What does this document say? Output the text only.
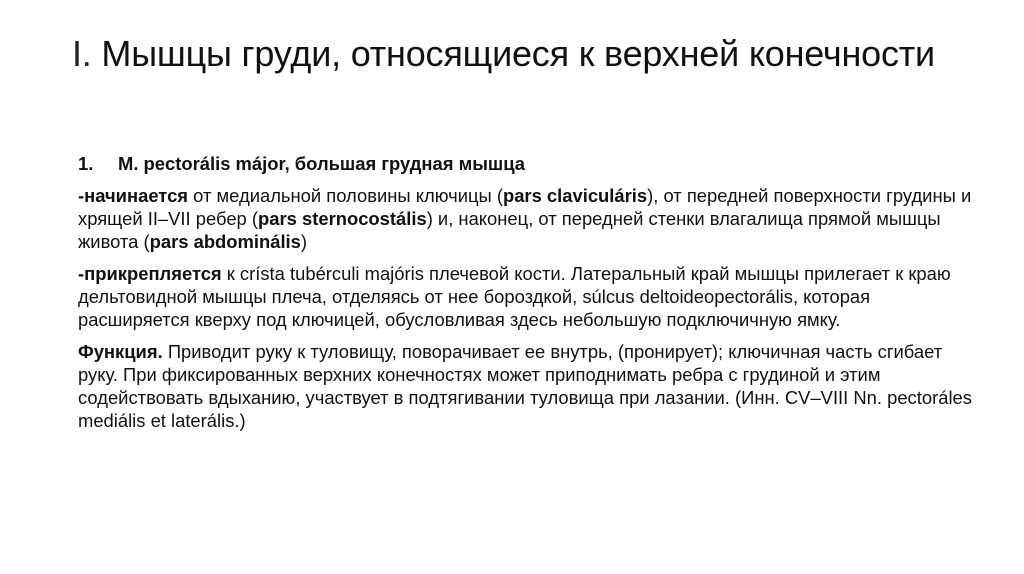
I. Мышцы груди, относящиеся к верхней конечности

1. M. pectorális májor, большая грудная мышца

-начинается от медиальной половины ключицы (pars claviculáris), от передней поверхности грудины и хрящей II–VII ребер (pars sternocostális) и, наконец, от передней стенки влагалища прямой мышцы живота (pars abdominális)

-прикрепляется к crísta tubérculi majóris плечевой кости. Латеральный край мышцы прилегает к краю дельтовидной мышцы плеча, отделяясь от нее бороздкой, súlcus deltoideopectorális, которая расширяется кверху под ключицей, обусловливая здесь небольшую подключичную ямку.

Функция. Приводит руку к туловищу, поворачивает ее внутрь, (пронирует); ключичная часть сгибает руку. При фиксированных верхних конечностях может приподнимать ребра с грудиной и этим содействовать вдыханию, участвует в подтягивании туловища при лазании. (Инн. CV–VIII Nn. pectoráles mediális et laterális.)
